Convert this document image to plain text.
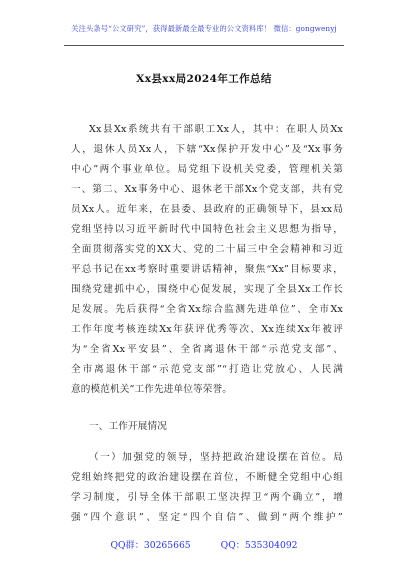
关注头条号“公文研究”，获得最新最全最专业的公文资料库！ 微信：gongwenyj
Xx县xx局2024年工作总结
Xx县Xx系统共有干部职工Xx人，其中：在职人员Xx
人，退休人员Xx人，下辖“Xx保护开发中心”及“Xx事务
中心”两个事业单位。局党组下设机关党委，管理机关第
一、第二、Xx事务中心、退休老干部Xx个党支部，共有党
员Xx人。近年来，在县委、县政府的正确领导下，县xx局
党组坚持以习近平新时代中国特色社会主义思想为指导，
全面贯彻落实党的XX大、党的二十届三中全会精神和习近
平总书记在xx考察时重要讲话精神，聚焦“Xx”目标要求，
围绕党建抓中心，围绕中心促发展，实现了全县Xx工作长
足发展。先后获得“全省Xx综合监测先进单位”、全市Xx
工作年度考核连续Xx年获评优秀等次、Xx连续Xx年被评
为“全省Xx平安县”、全省离退休干部“示范党支部”、
全市离退休干部“示范党支部”“打造让党放心、人民满
意的模范机关”工作先进单位等荣誉。
一、工作开展情况
（一）加强党的领导，坚持把政治建设摆在首位。局
党组始终把党的政治建设摆在首位，不断健全党组中心组
学习制度，引导全体干部职工坚决捍卫“两个确立”，增
强“四个意识”、坚定“四个自信”、做到“两个维护”
QQ群：30265665	QQ：535304092
